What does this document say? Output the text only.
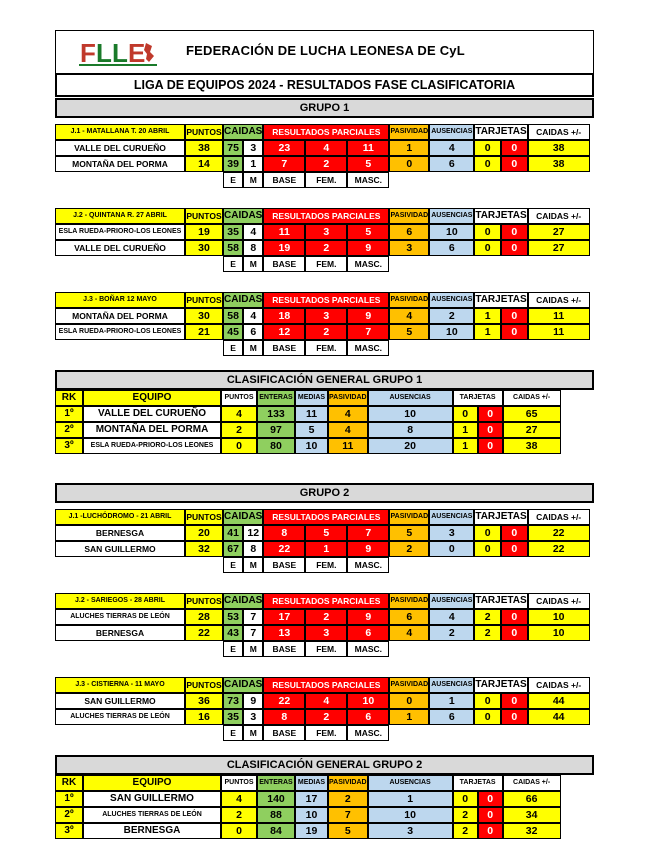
F L L E	FEDERACIÓN DE LUCHA LEONESA DE CyL
LIGA DE EQUIPOS 2024 - RESULTADOS FASE CLASIFICATORIA
GRUPO 1
J.1 - MATALLANA T. 20 ABRIL	PUNTOS	CAIDAS		RESULTADOS PARCIALES			PASIVIDAD	AUSENCIAS	TARJETAS		CAIDAS +/-
VALLE DEL CURUEÑO	38	75	3	23	4	11	1	4	0	0	38
MONTAÑA DEL PORMA	14	39	1	7	2	5	0	6	0	0	38
		E	M	BASE	FEM.	MASC.					
J.2 - QUINTANA R. 27 ABRIL	PUNTOS	CAIDAS		RESULTADOS PARCIALES			PASIVIDAD	AUSENCIAS	TARJETAS		CAIDAS +/-
ESLA RUEDA-PRIORO-LOS LEONES	19	35	4	11	3	5	6	10	0	0	27
VALLE DEL CURUEÑO	30	58	8	19	2	9	3	6	0	0	27
		E	M	BASE	FEM.	MASC.					
J.3 - BOÑAR 12 MAYO	PUNTOS	CAIDAS		RESULTADOS PARCIALES			PASIVIDAD	AUSENCIAS	TARJETAS		CAIDAS +/-
MONTAÑA DEL PORMA	30	58	4	18	3	9	4	2	1	0	11
ESLA RUEDA-PRIORO-LOS LEONES	21	45	6	12	2	7	5	10	1	0	11
		E	M	BASE	FEM.	MASC.					
CLASIFICACIÓN GENERAL GRUPO 1
RK	EQUIPO	PUNTOS	ENTERAS	MEDIAS	PASIVIDAD	AUSENCIAS	TARJETAS		CAIDAS +/-
1º	VALLE DEL CURUEÑO	4	133	11	4	10	0	0	65
2º	MONTAÑA DEL PORMA	2	97	5	4	8	1	0	27
3º	ESLA RUEDA-PRIORO-LOS LEONES	0	80	10	11	20	1	0	38
GRUPO 2
J.1 -LUCHÓDROMO - 21 ABRIL	PUNTOS	CAIDAS		RESULTADOS PARCIALES			PASIVIDAD	AUSENCIAS	TARJETAS		CAIDAS +/-
BERNESGA	20	41	12	8	5	7	5	3	0	0	22
SAN GUILLERMO	32	67	8	22	1	9	2	0	0	0	22
		E	M	BASE	FEM.	MASC.					
J.2 - SARIEGOS - 28 ABRIL	PUNTOS	CAIDAS		RESULTADOS PARCIALES			PASIVIDAD	AUSENCIAS	TARJETAS		CAIDAS +/-
ALUCHES TIERRAS DE LEÓN	28	53	7	17	2	9	6	4	2	0	10
BERNESGA	22	43	7	13	3	6	4	2	2	0	10
		E	M	BASE	FEM.	MASC.					
J.3 - CISTIERNA - 11 MAYO	PUNTOS	CAIDAS		RESULTADOS PARCIALES			PASIVIDAD	AUSENCIAS	TARJETAS		CAIDAS +/-
SAN GUILLERMO	36	73	9	22	4	10	0	1	0	0	44
ALUCHES TIERRAS DE LEÓN	16	35	3	8	2	6	1	6	0	0	44
		E	M	BASE	FEM.	MASC.					
CLASIFICACIÓN GENERAL GRUPO 2
RK	EQUIPO	PUNTOS	ENTERAS	MEDIAS	PASIVIDAD	AUSENCIAS	TARJETAS		CAIDAS +/-
1º	SAN GUILLERMO	4	140	17	2	1	0	0	66
2º	ALUCHES TIERRAS DE LEÓN	2	88	10	7	10	2	0	34
3º	BERNESGA	0	84	19	5	3	2	0	32
